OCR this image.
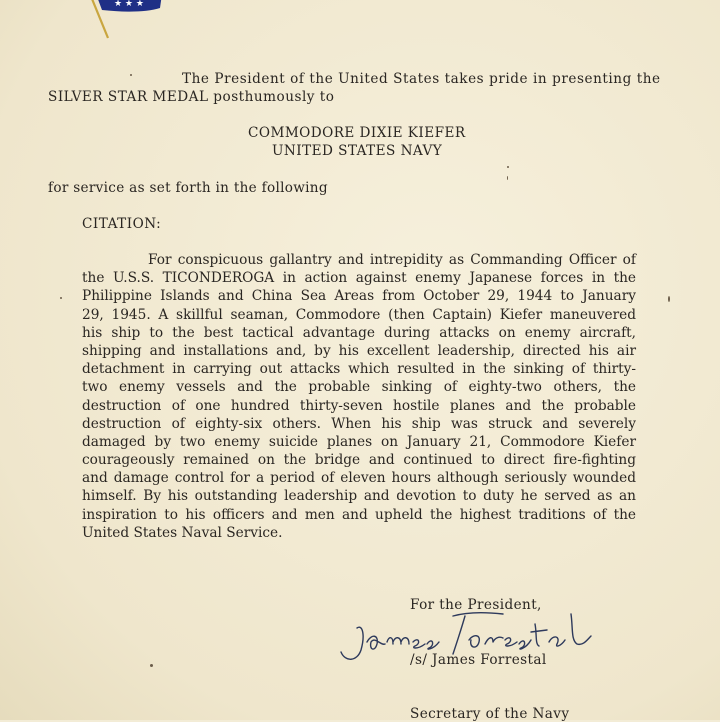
★ ★ ★
The President of the United States takes pride in presenting the
SILVER STAR MEDAL posthumously to
COMMODORE DIXIE KIEFER
UNITED STATES NAVY
for service as set forth in the following
CITATION:
For conspicuous gallantry and intrepidity as Commanding Officer of
the U.S.S. TICONDEROGA in action against enemy Japanese forces in the
Philippine Islands and China Sea Areas from October 29, 1944 to January
29, 1945. A skillful seaman, Commodore (then Captain) Kiefer maneuvered
his ship to the best tactical advantage during attacks on enemy aircraft,
shipping and installations and, by his excellent leadership, directed his air
detachment in carrying out attacks which resulted in the sinking of thirty-
two enemy vessels and the probable sinking of eighty-two others, the
destruction of one hundred thirty-seven hostile planes and the probable
destruction of eighty-six others. When his ship was struck and severely
damaged by two enemy suicide planes on January 21, Commodore Kiefer
courageously remained on the bridge and continued to direct fire-fighting
and damage control for a period of eleven hours although seriously wounded
himself. By his outstanding leadership and devotion to duty he served as an
inspiration to his officers and men and upheld the highest traditions of the
United States Naval Service.
For the President,
/s/ James Forrestal
Secretary of the Navy
